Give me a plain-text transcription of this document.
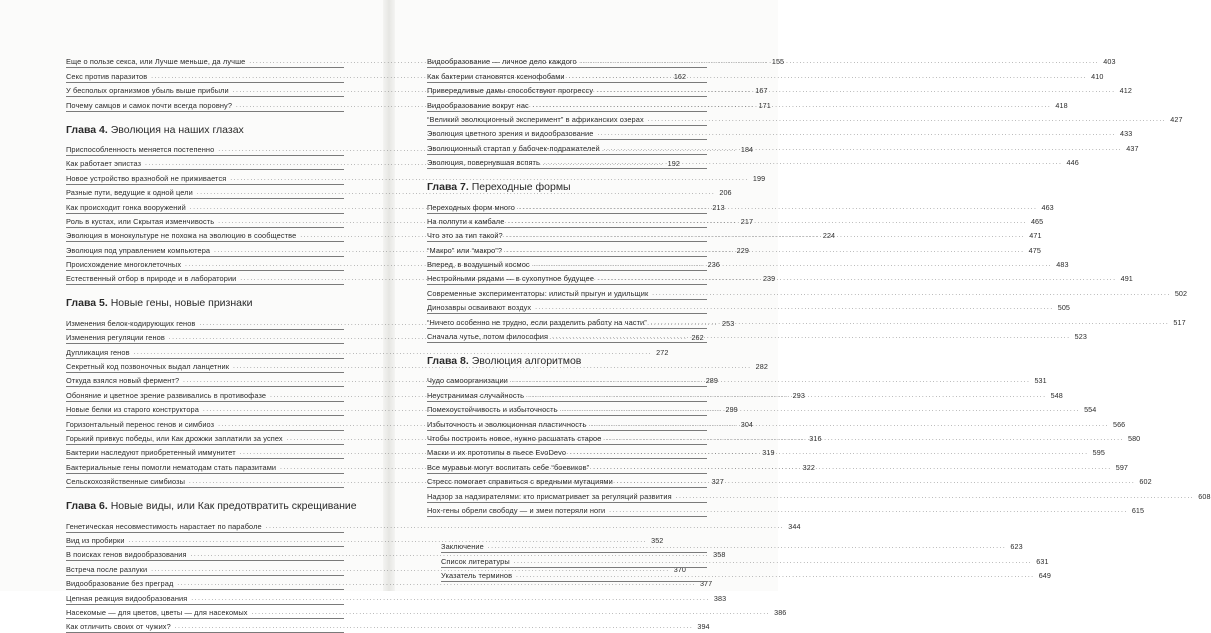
Еще о пользе секса, или Лучше меньше, да лучше .....	155
Секс против паразитов .....	162
У бесполых организмов убыль выше прибыли .....	167
Почему самцов и самок почти всегда поровну? .....	171
Глава 4. Эволюция на наших глазах
Приспособленность меняется постепенно .....	184
Как работает эпистаз .....	192
Новое устройство вразнобой не приживается .....	199
Разные пути, ведущие к одной цели .....	206
Как происходит гонка вооружений .....	213
Роль в кустах, или Скрытая изменчивость .....	217
Эволюция в монокультуре не похожа на эволюцию в сообществе .....	224
Эволюция под управлением компьютера .....	229
Происхождение многоклеточных .....	236
Естественный отбор в природе и в лаборатории .....	239
Глава 5. Новые гены, новые признаки
Изменения белок-кодирующих генов .....	253
Изменения регуляции генов .....	262
Дупликация генов .....	272
Секретный код позвоночных выдал ланцетник .....	282
Откуда взялся новый фермент? .....	289
Обоняние и цветное зрение развивались в противофазе .....	293
Новые белки из старого конструктора .....	299
Горизонтальный перенос генов и симбиоз .....	304
Горький привкус победы, или Как дрожжи заплатили за успех .....	316
Бактерии наследуют приобретенный иммунитет .....	319
Бактериальные гены помогли нематодам стать паразитами .....	322
Сельскохозяйственные симбиозы .....	327
Глава 6. Новые виды, или Как предотвратить скрещивание
Генетическая несовместимость нарастает по параболе .....	344
Вид из пробирки .....	352
В поисках генов видообразования .....	358
Встреча после разлуки .....	370
Видообразование без преград .....	377
Цепная реакция видообразования .....	383
Насекомые — для цветов, цветы — для насекомых .....	386
Как отличить своих от чужих? .....	394
Видообразование — личное дело каждого .....	403
Как бактерии становятся ксенофобами .....	410
Привередливые дамы способствуют прогрессу .....	412
Видообразование вокруг нас .....	418
“Великий эволюционный эксперимент” в африканских озерах .....	427
Эволюция цветного зрения и видообразование .....	433
Эволюционный стартап у бабочек-подражателей .....	437
Эволюция, повернувшая вспять .....	446
Глава 7. Переходные формы
Переходных форм много .....	463
На полпути к камбале .....	465
Что это за тип такой? .....	471
“Макро” или “макро”? .....	475
Вперед, в воздушный космос .....	483
Нестройными рядами — в сухопутное будущее .....	491
Современные экспериментаторы: илистый прыгун и удильщик .....	502
Динозавры осваивают воздух .....	505
“Ничего особенно не трудно, если разделить работу на части” .....	517
Сначала чутье, потом философия .....	523
Глава 8. Эволюция алгоритмов
Чудо самоорганизации .....	531
Неустранимая случайность .....	548
Помехоустойчивость и избыточность .....	554
Избыточность и эволюционная пластичность .....	566
Чтобы построить новое, нужно расшатать старое .....	580
Маски и их прототипы в пьесе EvoDevo .....	595
Все муравьи могут воспитать себе “боевиков” .....	597
Стресс помогает справиться с вредными мутациями .....	602
Надзор за надзирателями: кто присматривает за регуляций развития .....	608
Hox-гены обрели свободу — и змеи потеряли ноги .....	615
Заключение .....	623
Список литературы .....	631
Указатель терминов .....	649
